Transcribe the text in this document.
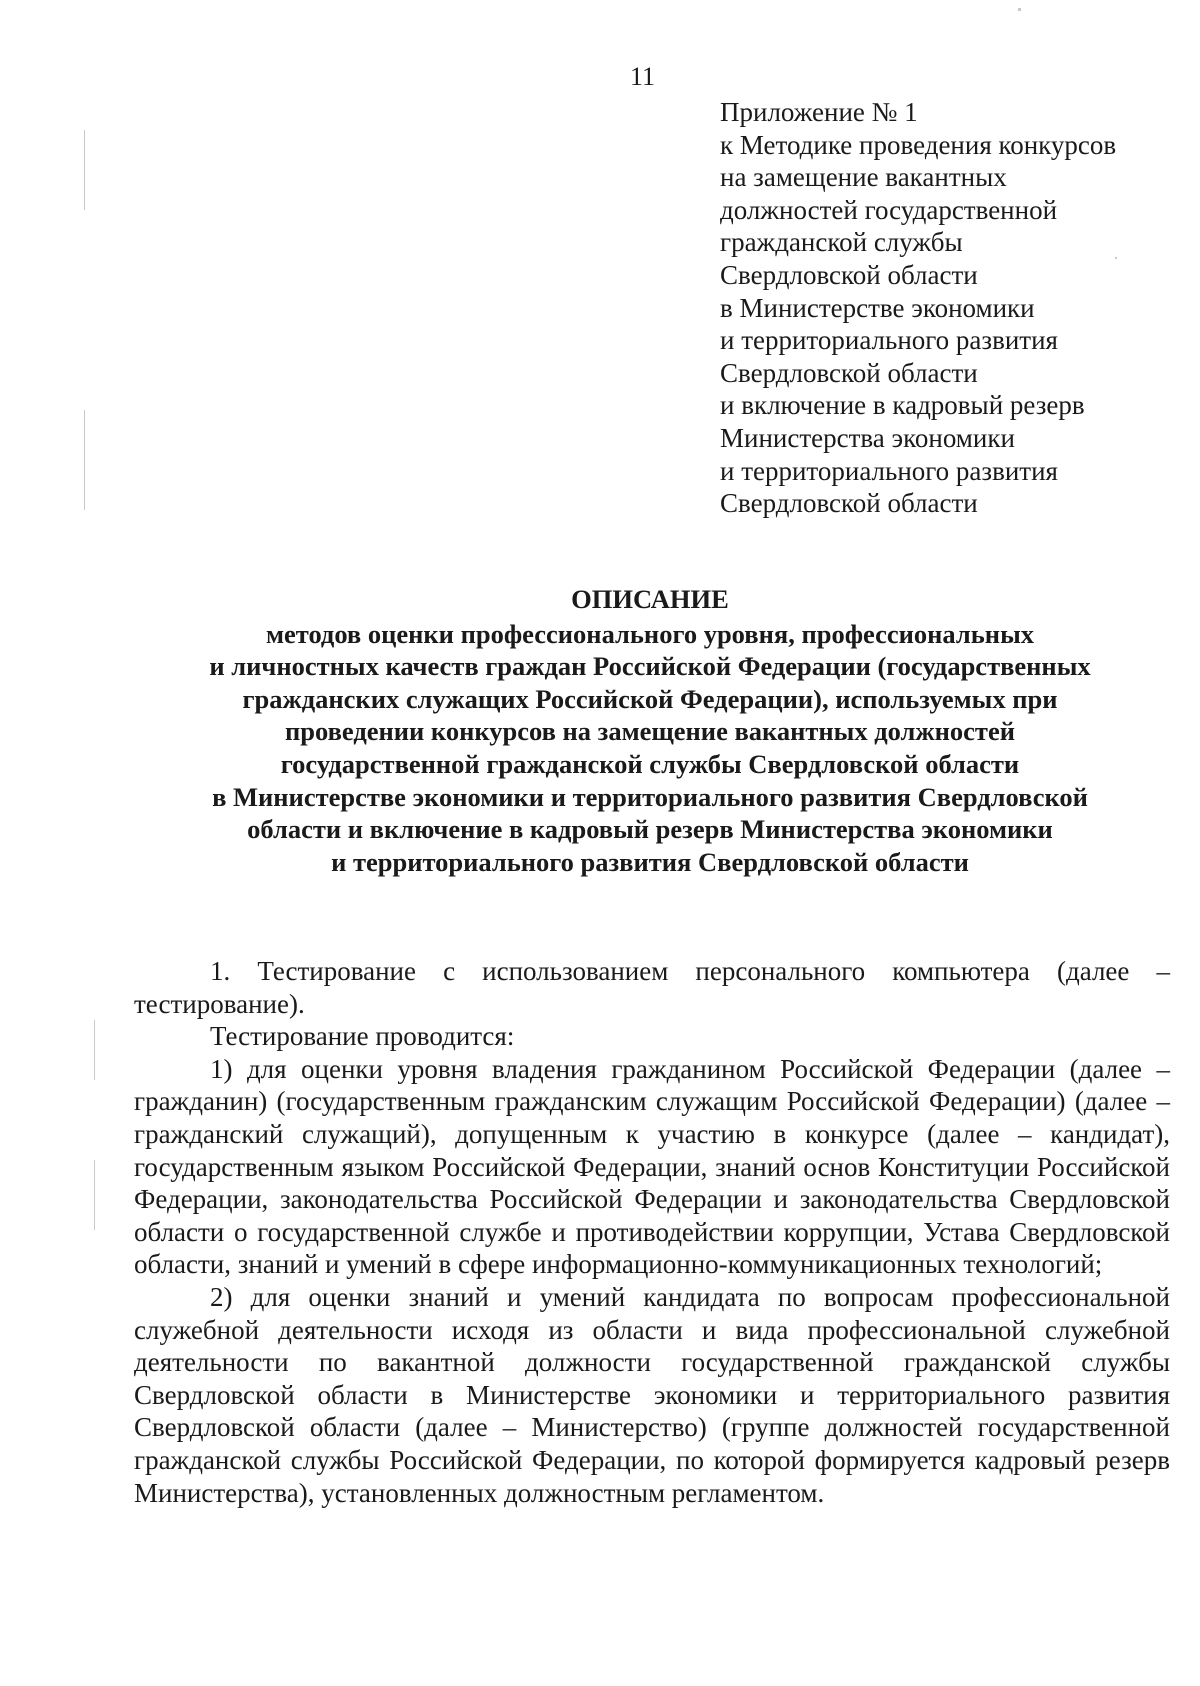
11
Приложение № 1
к Методике проведения конкурсов
на замещение вакантных
должностей государственной
гражданской службы
Свердловской области
в Министерстве экономики
и территориального развития
Свердловской области
и включение в кадровый резерв
Министерства экономики
и территориального развития
Свердловской области
ОПИСАНИЕ
методов оценки профессионального уровня, профессиональных
и личностных качеств граждан Российской Федерации (государственных
гражданских служащих Российской Федерации), используемых при
проведении конкурсов на замещение вакантных должностей
государственной гражданской службы Свердловской области
в Министерстве экономики и территориального развития Свердловской
области и включение в кадровый резерв Министерства экономики
и территориального развития Свердловской области

1. Тестирование с использованием персонального компьютера (далее – тестирование).

Тестирование проводится:

1) для оценки уровня владения гражданином Российской Федерации (далее – гражданин) (государственным гражданским служащим Российской Федерации) (далее – гражданский служащий), допущенным к участию в конкурсе (далее – кандидат), государственным языком Российской Федерации, знаний основ Конституции Российской Федерации, законодательства Российской Федерации и законодательства Свердловской области о государственной службе и противодействии коррупции, Устава Свердловской области, знаний и умений в сфере информационно-коммуникационных технологий;

2) для оценки знаний и умений кандидата по вопросам профессиональной служебной деятельности исходя из области и вида профессиональной служебной деятельности по вакантной должности государственной гражданской службы Свердловской области в Министерстве экономики и территориального развития Свердловской области (далее – Министерство) (группе должностей государственной гражданской службы Российской Федерации, по которой формируется кадровый резерв Министерства), установленных должностным регламентом.
